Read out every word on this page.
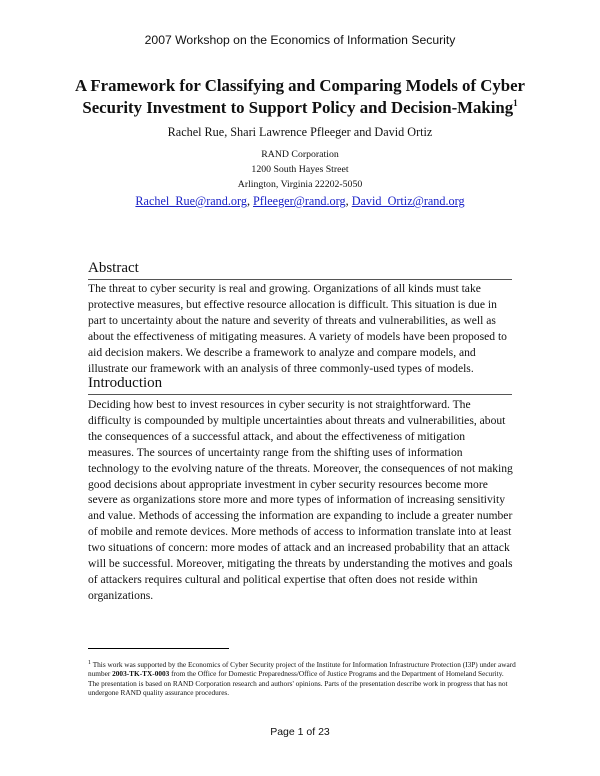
2007 Workshop on the Economics of Information Security
A Framework for Classifying and Comparing Models of Cyber
Security Investment to Support Policy and Decision-Making$^1$
Rachel Rue, Shari Lawrence Pfleeger and David Ortiz
RAND Corporation
1200 South Hayes Street
Arlington, Virginia 22202-5050
Rachel_Rue@rand.org, Pfleeger@rand.org, David_Ortiz@rand.org
Abstract
The threat to cyber security is real and growing. Organizations of all kinds must take protective measures, but effective resource allocation is difficult. This situation is due in part to uncertainty about the nature and severity of threats and vulnerabilities, as well as about the effectiveness of mitigating measures. A variety of models have been proposed to aid decision makers. We describe a framework to analyze and compare models, and illustrate our framework with an analysis of three commonly-used types of models.
Introduction
Deciding how best to invest resources in cyber security is not straightforward. The difficulty is compounded by multiple uncertainties about threats and vulnerabilities, about the consequences of a successful attack, and about the effectiveness of mitigation measures. The sources of uncertainty range from the shifting uses of information technology to the evolving nature of the threats. Moreover, the consequences of not making good decisions about appropriate investment in cyber security resources become more severe as organizations store more and more types of information of increasing sensitivity and value. Methods of accessing the information are expanding to include a greater number of mobile and remote devices. More methods of access to information translate into at least two situations of concern: more modes of attack and an increased probability that an attack will be successful. Moreover, mitigating the threats by understanding the motives and goals of attackers requires cultural and political expertise that often does not reside within organizations.
$^1$ This work was supported by the Economics of Cyber Security project of the Institute for Information Infrastructure Protection (I3P) under award number 2003-TK-TX-0003 from the Office for Domestic Preparedness/Office of Justice Programs and the Department of Homeland Security. The presentation is based on RAND Corporation research and authors' opinions. Parts of the presentation describe work in progress that has not undergone RAND quality assurance procedures.
Page 1 of 23
